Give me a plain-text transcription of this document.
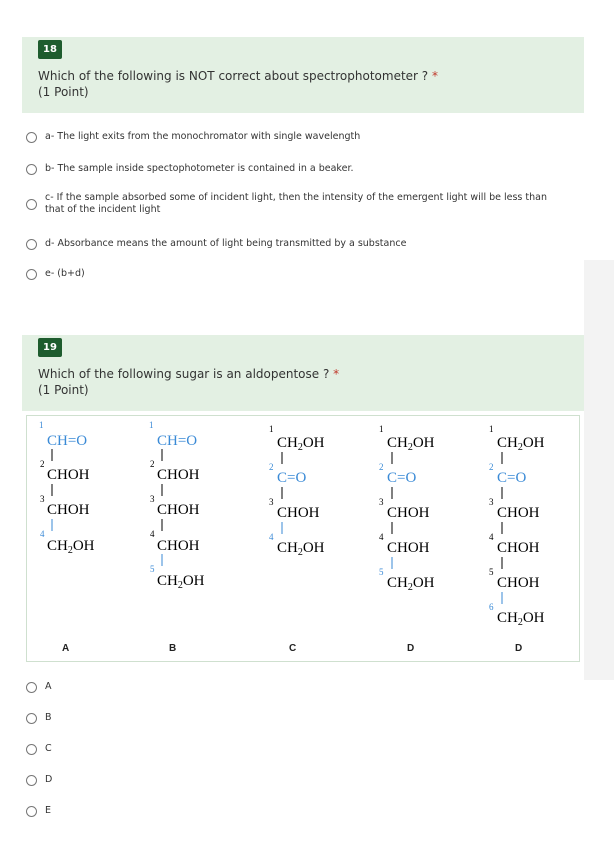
18
Which of the following is NOT correct about spectrophotometer ? *
(1 Point)
a- The light exits from the monochromator with single wavelength
b- The sample inside spectophotometer is contained in a beaker.
c- If the sample absorbed some of incident light, then the intensity of the emergent light will be less than that of the incident light
d- Absorbance means the amount of light being transmitted by a substance
e- (b+d)
19
Which of the following sugar is an aldopentose ? *
(1 Point)
1
CH=O
2
CHOH
3
CHOH
4
$CH_2OH$
A
1
CH=O
2
CHOH
3
CHOH
4
CHOH
5
$CH_2OH$
B
1
$CH_2OH$
2
C=O
3
CHOH
4
$CH_2OH$
C
1
$CH_2OH$
2
C=O
3
CHOH
4
CHOH
5
$CH_2OH$
D
1
$CH_2OH$
2
C=O
3
CHOH
4
CHOH
5
CHOH
6
$CH_2OH$
D
A
B
C
D
E
